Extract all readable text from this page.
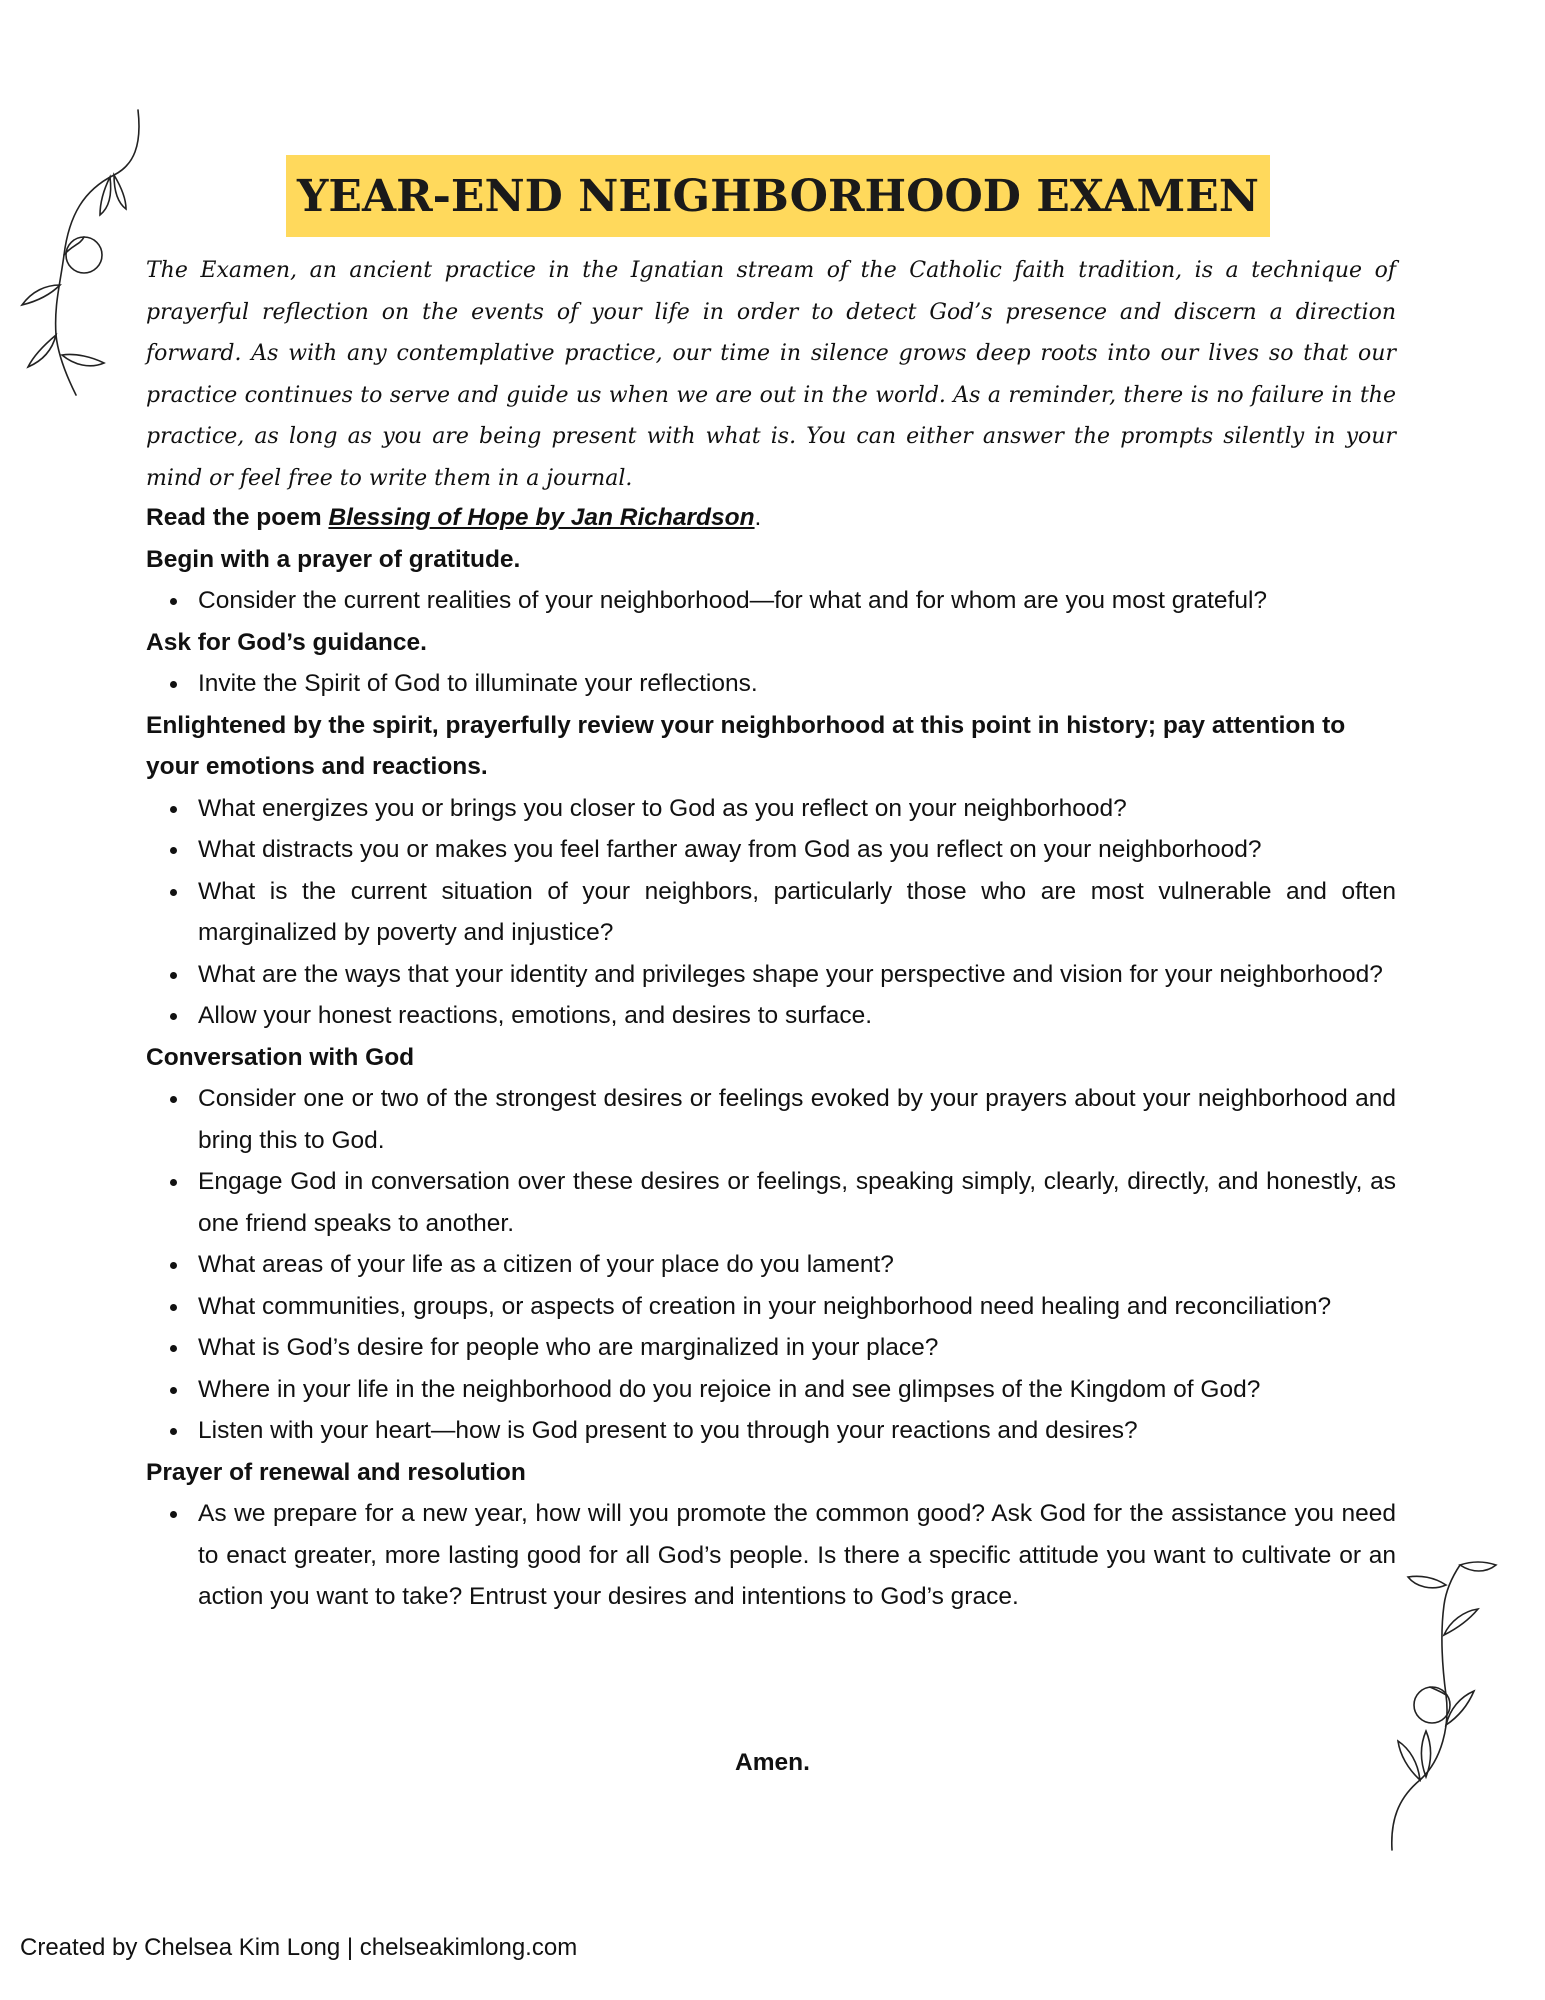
YEAR-END NEIGHBORHOOD EXAMEN

The Examen, an ancient practice in the Ignatian stream of the Catholic faith tradition, is a technique of prayerful reflection on the events of your life in order to detect God’s presence and discern a direction forward. As with any contemplative practice, our time in silence grows deep roots into our lives so that our practice continues to serve and guide us when we are out in the world. As a reminder, there is no failure in the practice, as long as you are being present with what is. You can either answer the prompts silently in your mind or feel free to write them in a journal.

Read the poem Blessing of Hope by Jan Richardson.

Begin with a prayer of gratitude.

Consider the current realities of your neighborhood—for what and for whom are you most grateful?

Ask for God’s guidance.

Invite the Spirit of God to illuminate your reflections.

Enlightened by the spirit, prayerfully review your neighborhood at this point in history; pay attention to your emotions and reactions.

What energizes you or brings you closer to God as you reflect on your neighborhood?
What distracts you or makes you feel farther away from God as you reflect on your neighborhood?
What is the current situation of your neighbors, particularly those who are most vulnerable and often marginalized by poverty and injustice?
What are the ways that your identity and privileges shape your perspective and vision for your neighborhood?
Allow your honest reactions, emotions, and desires to surface.

Conversation with God

Consider one or two of the strongest desires or feelings evoked by your prayers about your neighborhood and bring this to God.
Engage God in conversation over these desires or feelings, speaking simply, clearly, directly, and honestly, as one friend speaks to another.
What areas of your life as a citizen of your place do you lament?
What communities, groups, or aspects of creation in your neighborhood need healing and reconciliation?
What is God’s desire for people who are marginalized in your place?
Where in your life in the neighborhood do you rejoice in and see glimpses of the Kingdom of God?
Listen with your heart—how is God present to you through your reactions and desires?

Prayer of renewal and resolution

As we prepare for a new year, how will you promote the common good? Ask God for the assistance you need to enact greater, more lasting good for all God’s people. Is there a specific attitude you want to cultivate or an action you want to take? Entrust your desires and intentions to God’s grace.
Amen.
Created by Chelsea Kim Long | chelseakimlong.com
